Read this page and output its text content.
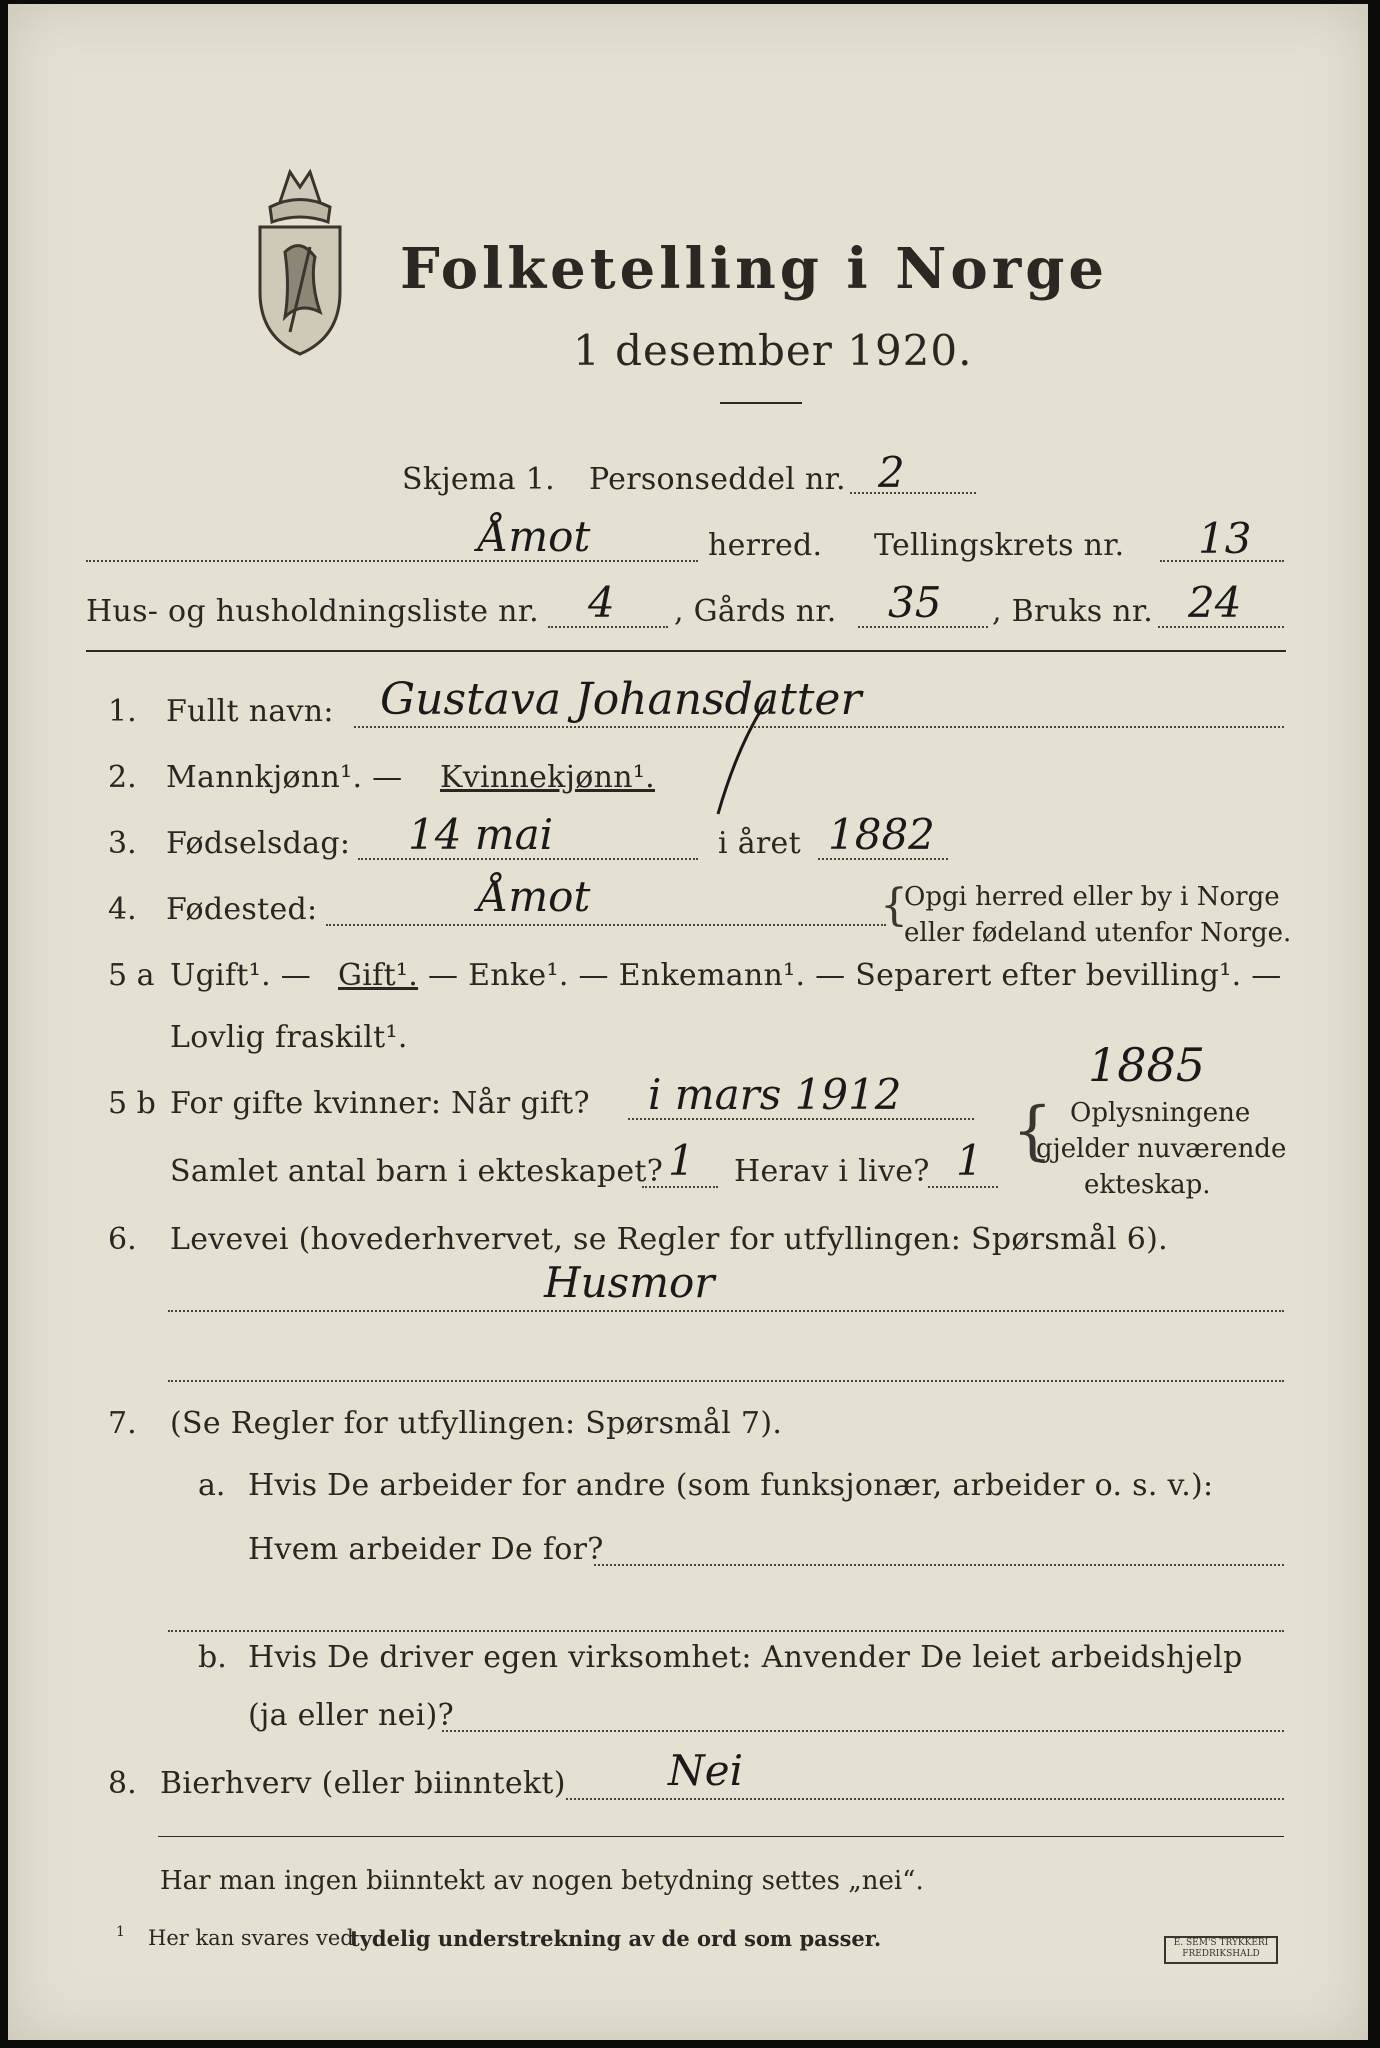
Folketelling i Norge
1 desember 1920.
Skjema 1. Personseddel nr. 2
Åmot	herred. Tellingskrets nr. 13
Hus- og husholdningsliste nr. 4 , Gårds nr. 35 , Bruks nr. 24
1. Fullt navn: Gustava Johansdatter
2. Mannkjønn¹. — Kvinnekjønn¹.
3. Fødselsdag: 14 mai	i året 1882
4. Fødested:	Åmot	{
Opgi herred eller by i Norge
eller fødeland utenfor Norge.
5 a Ugift¹. — Gift¹. — Enke¹. — Enkemann¹. — Separert efter bevilling¹. —
Lovlig fraskilt¹.
1885
5 b For gifte kvinner: Når gift? i mars 1912
Samlet antal barn i ekteskapet? 1 Herav i live? 1 { Oplysningene
gjelder nuværende
ekteskap.
6. Levevei (hovederhvervet, se Regler for utfyllingen: Spørsmål 6).
Husmor
7. (Se Regler for utfyllingen: Spørsmål 7).
a. Hvis De arbeider for andre (som funksjonær, arbeider o. s. v.):
Hvem arbeider De for?
b. Hvis De driver egen virksomhet: Anvender De leiet arbeidshjelp
(ja eller nei)?
8. Bierhverv (eller biinntekt) Nei
Har man ingen biinntekt av nogen betydning settes „nei“.
1 Her kan svares ved
tydelig understrekning av de ord som passer.	E. SEM'S TRYKKERI FREDRIKSHALD
